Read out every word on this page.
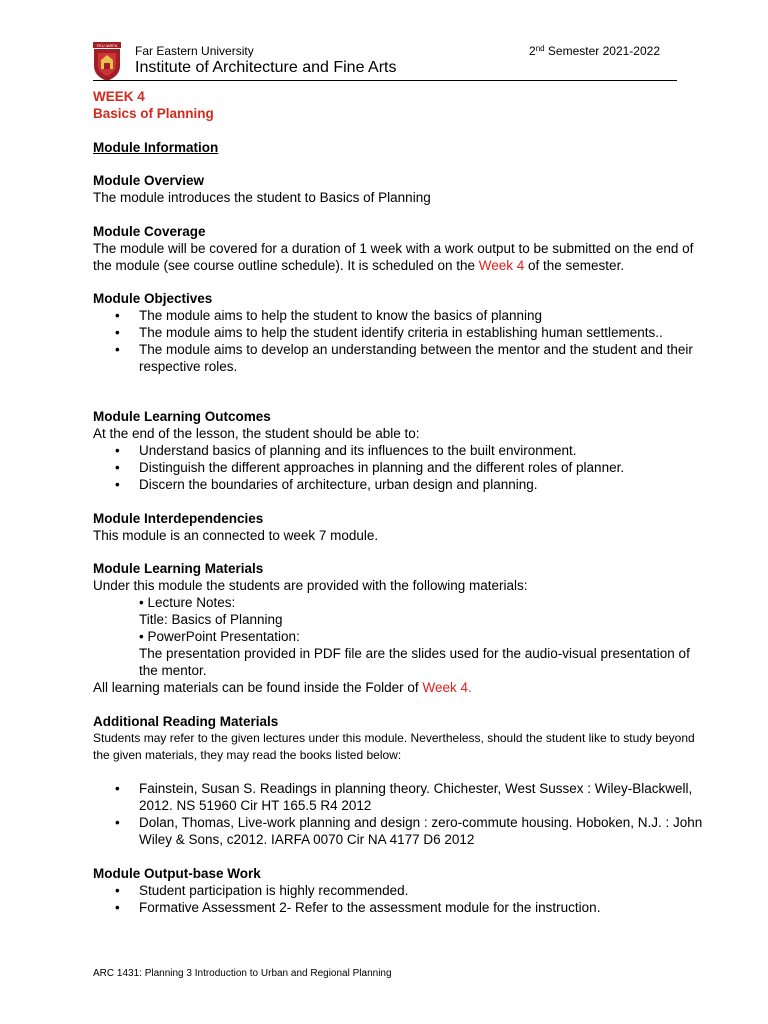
FEU IARFA Far Eastern University
Institute of Architecture and Fine Arts
2nd Semester 2021-2022
WEEK 4
Basics of Planning
Module Information
Module Overview
The module introduces the student to Basics of Planning
Module Coverage
The module will be covered for a duration of 1 week with a work output to be submitted on the end of
the module (see course outline schedule). It is scheduled on the Week 4 of the semester.
Module Objectives
• The module aims to help the student to know the basics of planning
• The module aims to help the student identify criteria in establishing human settlements..
• The module aims to develop an understanding between the mentor and the student and their
respective roles.
Module Learning Outcomes
At the end of the lesson, the student should be able to:
• Understand basics of planning and its influences to the built environment.
• Distinguish the different approaches in planning and the different roles of planner.
• Discern the boundaries of architecture, urban design and planning.
Module Interdependencies
This module is an connected to week 7 module.
Module Learning Materials
Under this module the students are provided with the following materials:
• Lecture Notes:
Title: Basics of Planning
• PowerPoint Presentation:
The presentation provided in PDF file are the slides used for the audio-visual presentation of
the mentor.
All learning materials can be found inside the Folder of Week 4.
Additional Reading Materials
Students may refer to the given lectures under this module. Nevertheless, should the student like to study beyond
the given materials, they may read the books listed below:
• Fainstein, Susan S. Readings in planning theory. Chichester, West Sussex : Wiley-Blackwell,
2012. NS 51960 Cir HT 165.5 R4 2012
• Dolan, Thomas, Live-work planning and design : zero-commute housing. Hoboken, N.J. : John
Wiley & Sons, c2012. IARFA 0070 Cir NA 4177 D6 2012
Module Output-base Work
• Student participation is highly recommended.
• Formative Assessment 2- Refer to the assessment module for the instruction.
ARC 1431: Planning 3 Introduction to Urban and Regional Planning
